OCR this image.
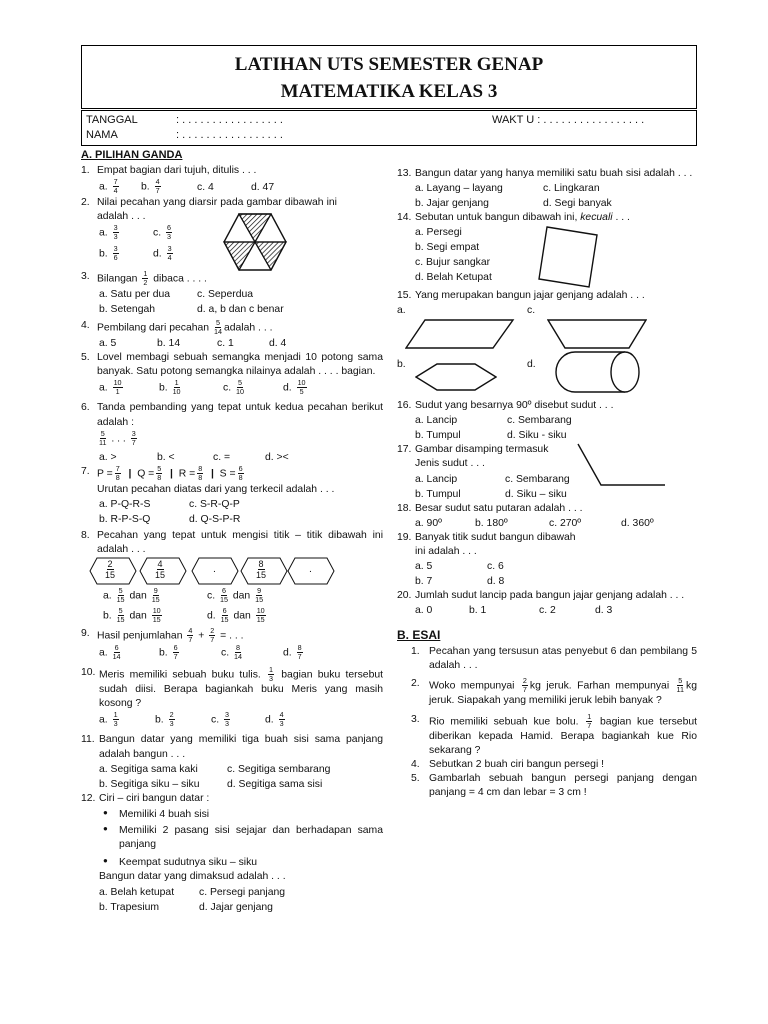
LATIHAN UTS SEMESTER GENAP
MATEMATIKA KELAS 3
TANGGAL	: . . . . . . . . . . . . . . . . .	WAKT U : . . . . . . . . . . . . . . . . .
NAMA	: . . . . . . . . . . . . . . . . .
A. PILIHAN GANDA
1. Empat bagian dari tujuh, ditulis . . .
a. $\frac{7}{4} b$. $\frac{4}{7}$	c. 4	d. 47
2. Nilai pecahan yang diarsir pada gambar dibawah ini adalah . . .
a. $\frac{3}{3}$	c. $\frac{6}{3}$
b. $\frac{3}{6}$	d. $\frac{3}{4}$
3. Bilangan $\frac{1}{2}$ dibaca . . . .
a. Satu per dua	c. Seperdua
b. Setengah	d. a, b dan c benar
4. Pembilang dari pecahan $\frac{5}{14}$ adalah . . .
a. 5	b. 14	c. 1	d. 4
5. Lovel membagi sebuah semangka menjadi 10 potong sama banyak. Satu potong semangka nilainya adalah . . . . bagian.
a. $\frac{10}{1}$	b. $\frac{1}{10}$	c. $\frac{5}{10}$	d. $\frac{10}{5}$
6. Tanda pembanding yang tepat untuk kedua pecahan berikut adalah :
$\frac{5}{11}$ . . . $\frac{3}{7}$
a. >	b. <	c. =	d. ><
7. $P = \frac{7}{8}$ | $Q = \frac{5}{8}$ | $R = \frac{8}{8}$ | $S = \frac{6}{8}$
Urutan pecahan diatas dari yang terkecil adalah . . .
a. P-Q-R-S	c. S-R-Q-P
b. R-P-S-Q	d. Q-S-P-R
8. Pecahan yang tepat untuk mengisi titik – titik dibawah ini adalah . . .
$\frac{2}{15}$	$\frac{4}{15}$	.	$\frac{8}{15}$	.
a. $\frac{5}{15}$ dan $\frac{9}{15}$	c. $\frac{6}{15}$ dan $\frac{9}{15}$
b. $\frac{5}{15}$ dan $\frac{10}{15}$	d. $\frac{6}{15}$ dan $\frac{10}{15}$
9. Hasil penjumlahan $\frac{4}{7} + \frac{2}{7}$ = . . .
a. $\frac{6}{14}$	b. $\frac{6}{7}$	c. $\frac{8}{14}$	d. $\frac{8}{7}$
10. Meris memiliki sebuah buku tulis. $\frac{1}{3}$ bagian buku tersebut sudah diisi. Berapa bagiankah buku Meris yang masih kosong ?
a. $\frac{1}{3}$	b. $\frac{2}{3}$	c. $\frac{3}{3}$	d. $\frac{4}{3}$
11. Bangun datar yang memiliki tiga buah sisi sama panjang adalah bangun . . .
a. Segitiga sama kaki	c. Segitiga sembarang
b. Segitiga siku – siku	d. Segitiga sama sisi
12. Ciri – ciri bangun datar :
● Memiliki 4 buah sisi
● Memiliki 2 pasang sisi sejajar dan berhadapan sama panjang
● Keempat sudutnya siku – siku
Bangun datar yang dimaksud adalah . . .
a. Belah ketupat c. Persegi panjang
b. Trapesium	d. Jajar genjang
13. Bangun datar yang hanya memiliki satu buah sisi adalah . . .
a. Layang – layang	c. Lingkaran
b. Jajar genjang	d. Segi banyak
14. Sebutan untuk bangun dibawah ini, kecuali . . .
a. Persegi
b. Segi empat
c. Bujur sangkar
d. Belah Ketupat
15. Yang merupakan bangun jajar genjang adalah . . .
a.	c.
b.	d.
16. Sudut yang besarnya 90º disebut sudut . . .
a. Lancip	c. Sembarang
b. Tumpul	d. Siku - siku
17. Gambar disamping termasuk
Jenis sudut . . .
a. Lancip	c. Sembarang
b. Tumpul	d. Siku – siku
18. Besar sudut satu putaran adalah . . .
a. 90º	b. 180º	c. 270º	d. 360º
19. Banyak titik sudut bangun dibawah
ini adalah . . .
a. 5	c. 6
b. 7	d. 8
20. Jumlah sudut lancip pada bangun jajar genjang adalah . . .
a. 0	b. 1	c. 2	d. 3
B. ESAI
1. Pecahan yang tersusun atas penyebut 6 dan pembilang 5 adalah . . .
2. Woko mempunyai $\frac{2}{7}$ kg jeruk. Farhan mempunyai $\frac{5}{11}$ kg jeruk. Siapakah yang memiliki jeruk lebih banyak ?
3. Rio memiliki sebuah kue bolu. $\frac{1}{7}$ bagian kue tersebut diberikan kepada Hamid. Berapa bagiankah kue Rio sekarang ?
4. Sebutkan 2 buah ciri bangun persegi !
5. Gambarlah sebuah bangun persegi panjang dengan panjang = 4 cm dan lebar = 3 cm !
